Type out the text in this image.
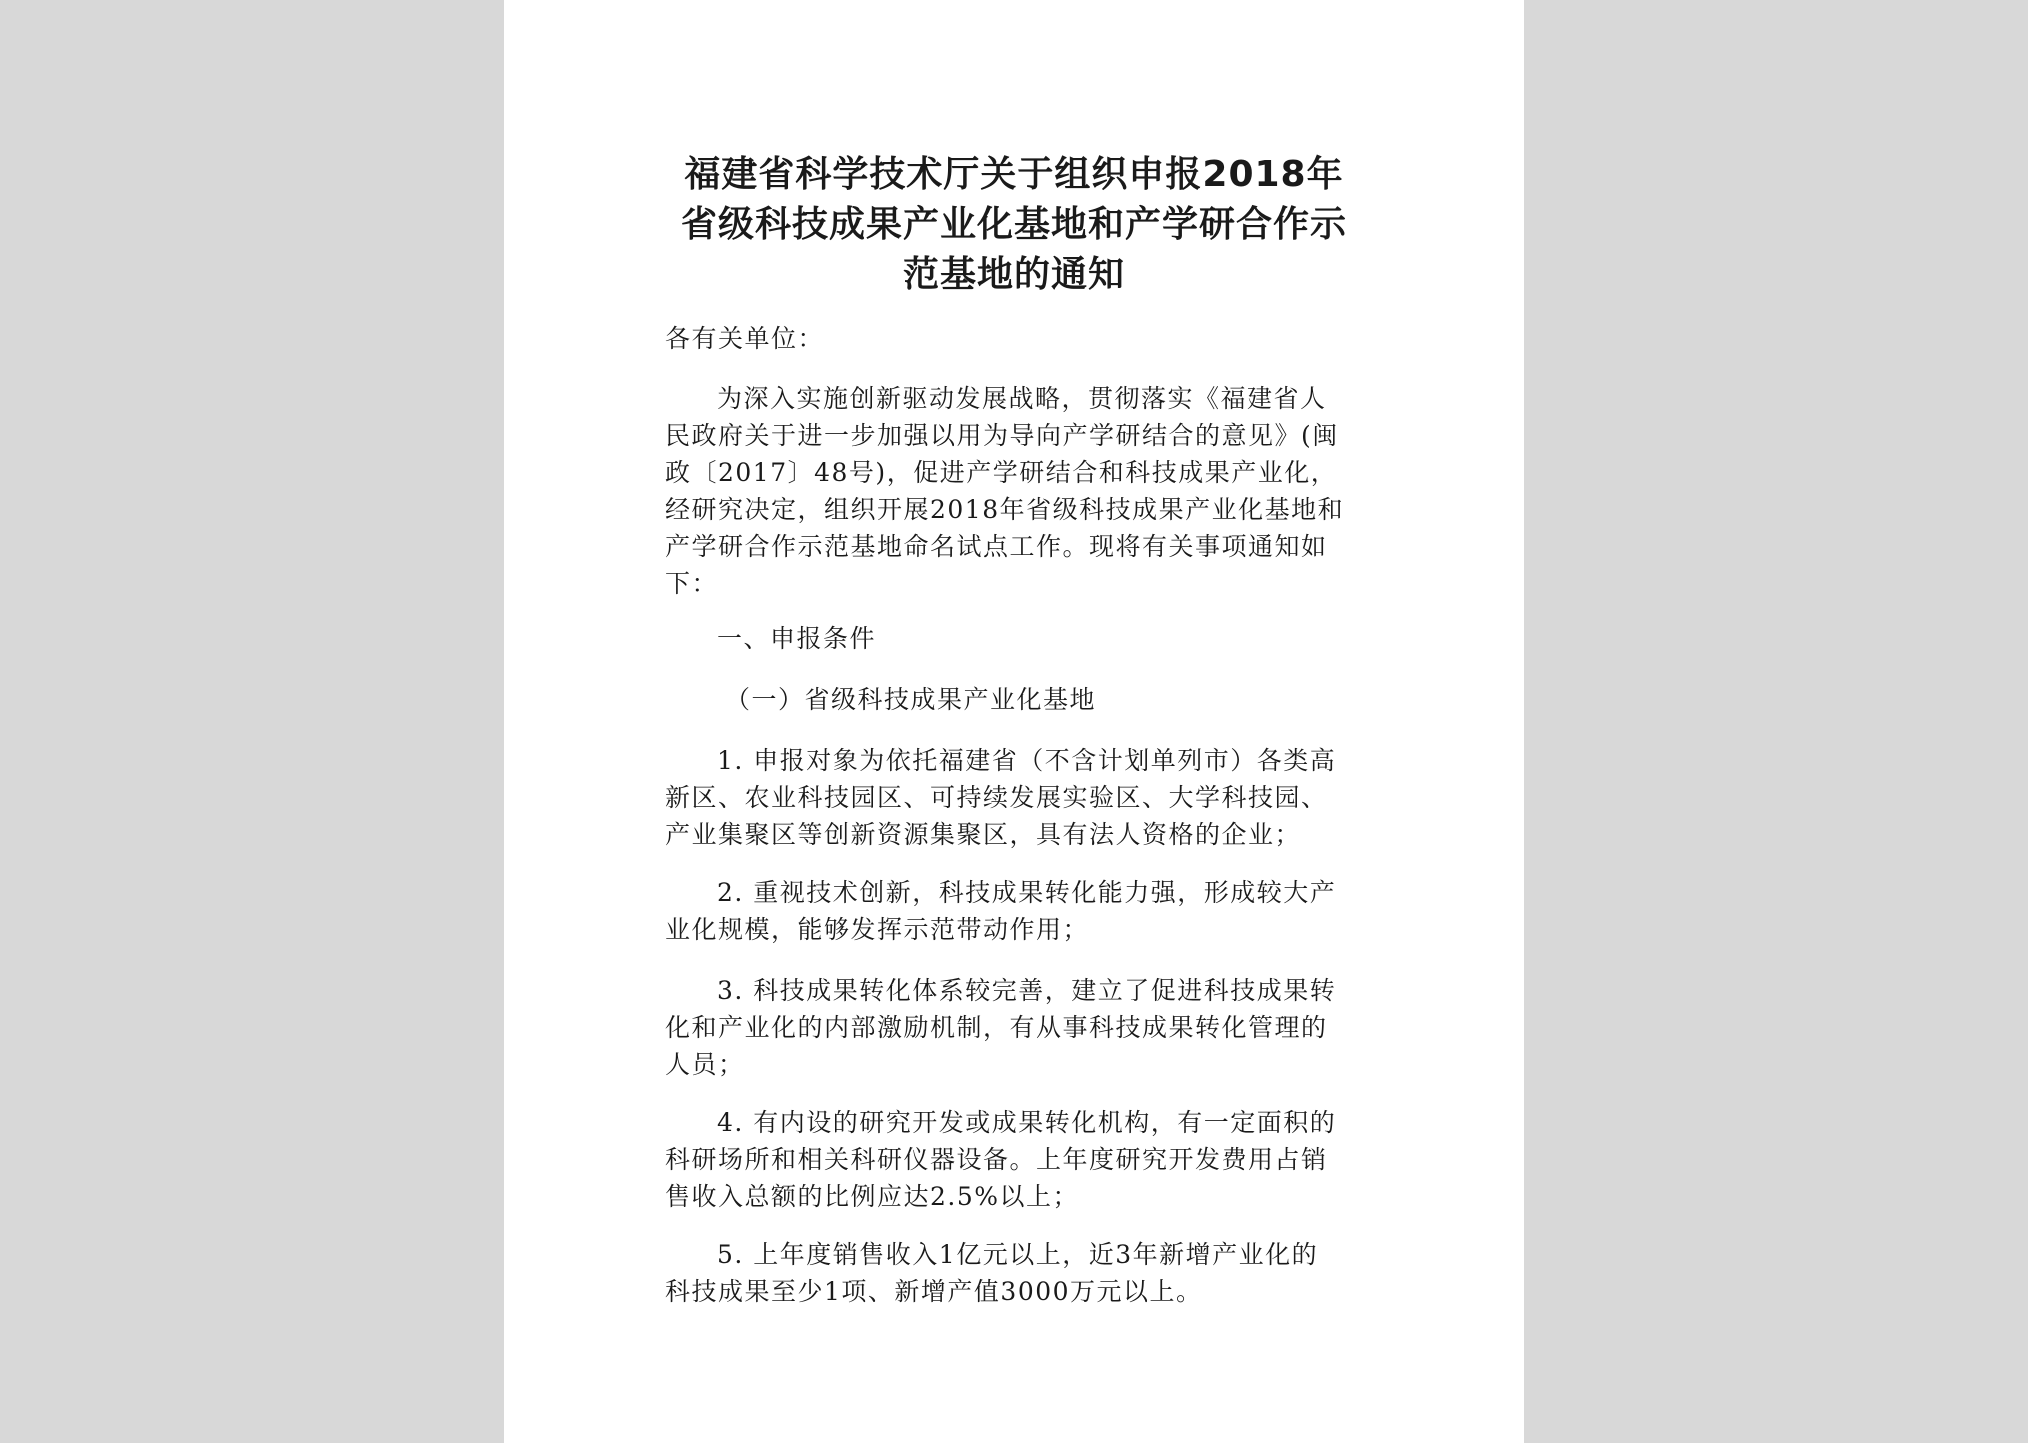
福建省科学技术厅关于组织申报2018年
省级科技成果产业化基地和产学研合作示
范基地的通知
各有关单位：
为深入实施创新驱动发展战略，贯彻落实《福建省人
民政府关于进一步加强以用为导向产学研结合的意见》(闽
政〔2017〕48号)，促进产学研结合和科技成果产业化，
经研究决定，组织开展2018年省级科技成果产业化基地和
产学研合作示范基地命名试点工作。现将有关事项通知如
下：
一、申报条件
（一）省级科技成果产业化基地
1. 申报对象为依托福建省（不含计划单列市）各类高
新区、农业科技园区、可持续发展实验区、大学科技园、
产业集聚区等创新资源集聚区，具有法人资格的企业；
2. 重视技术创新，科技成果转化能力强，形成较大产
业化规模，能够发挥示范带动作用；
3. 科技成果转化体系较完善，建立了促进科技成果转
化和产业化的内部激励机制，有从事科技成果转化管理的
人员；
4. 有内设的研究开发或成果转化机构，有一定面积的
科研场所和相关科研仪器设备。上年度研究开发费用占销
售收入总额的比例应达2.5%以上；
5. 上年度销售收入1亿元以上，近3年新增产业化的
科技成果至少1项、新增产值3000万元以上。
